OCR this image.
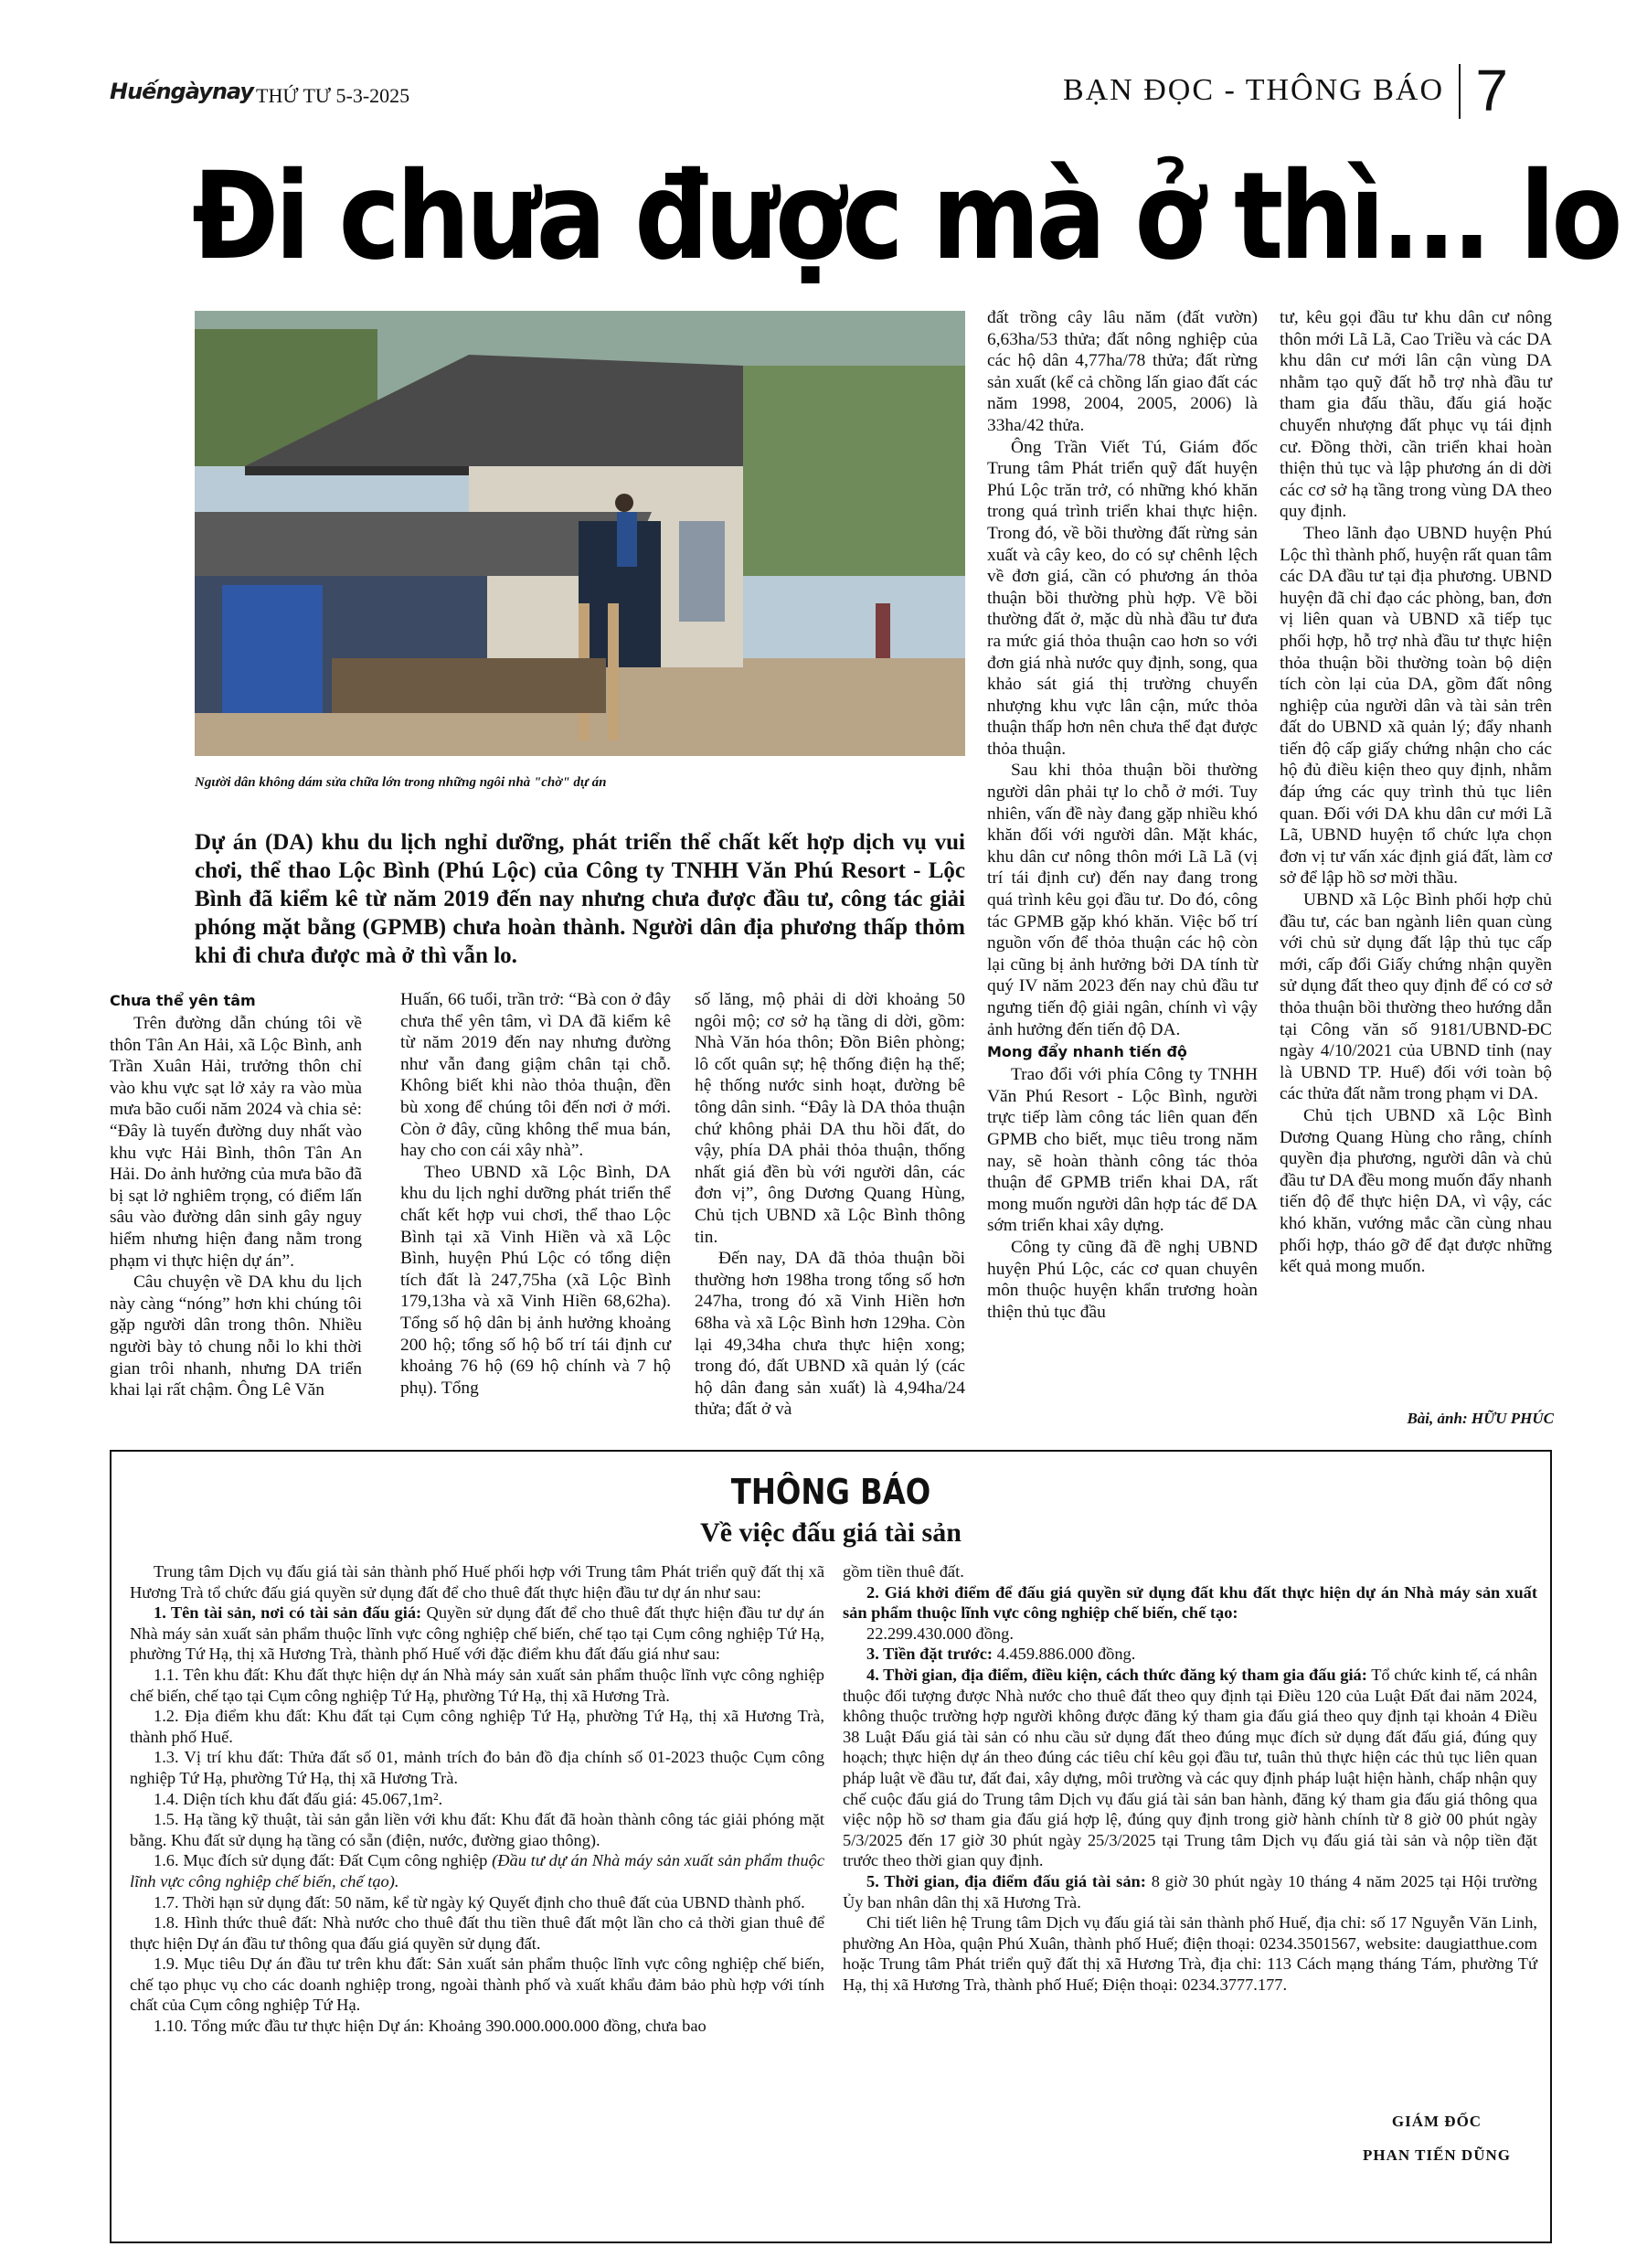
Huếngàynay THỨ TƯ 5-3-2025	BẠN ĐỌC - THÔNG BÁO 7
Đi chưa được mà ở thì... lo
Người dân không dám sửa chữa lớn trong những ngôi nhà "chờ" dự án
Dự án (DA) khu du lịch nghỉ dưỡng, phát triển thể chất kết hợp dịch vụ vui chơi, thể thao Lộc Bình (Phú Lộc) của Công ty TNHH Văn Phú Resort - Lộc Bình đã kiểm kê từ năm 2019 đến nay nhưng chưa được đầu tư, công tác giải phóng mặt bằng (GPMB) chưa hoàn thành. Người dân địa phương thấp thỏm khi đi chưa được mà ở thì vẫn lo.

Chưa thể yên tâm

Trên đường dẫn chúng tôi về thôn Tân An Hải, xã Lộc Bình, anh Trần Xuân Hải, trưởng thôn chỉ vào khu vực sạt lở xảy ra vào mùa mưa bão cuối năm 2024 và chia sẻ: “Đây là tuyến đường duy nhất vào khu vực Hải Bình, thôn Tân An Hải. Do ảnh hưởng của mưa bão đã bị sạt lở nghiêm trọng, có điểm lấn sâu vào đường dân sinh gây nguy hiểm nhưng hiện đang nằm trong phạm vi thực hiện dự án”.

Câu chuyện về DA khu du lịch này càng “nóng” hơn khi chúng tôi gặp người dân trong thôn. Nhiều người bày tỏ chung nỗi lo khi thời gian trôi nhanh, nhưng DA triển khai lại rất chậm. Ông Lê Văn

Huấn, 66 tuổi, trần trở: “Bà con ở đây chưa thể yên tâm, vì DA đã kiểm kê từ năm 2019 đến nay nhưng đường như vẫn đang giậm chân tại chỗ. Không biết khi nào thỏa thuận, đền bù xong để chúng tôi đến nơi ở mới. Còn ở đây, cũng không thể mua bán, hay cho con cái xây nhà”.

Theo UBND xã Lộc Bình, DA khu du lịch nghỉ dưỡng phát triển thể chất kết hợp vui chơi, thể thao Lộc Bình tại xã Vinh Hiền và xã Lộc Bình, huyện Phú Lộc có tổng diện tích đất là 247,75ha (xã Lộc Bình 179,13ha và xã Vinh Hiền 68,62ha). Tổng số hộ dân bị ảnh hưởng khoảng 200 hộ; tổng số hộ bố trí tái định cư khoảng 76 hộ (69 hộ chính và 7 hộ phụ). Tổng

số lăng, mộ phải di dời khoảng 50 ngôi mộ; cơ sở hạ tầng di dời, gồm: Nhà Văn hóa thôn; Đồn Biên phòng; lô cốt quân sự; hệ thống điện hạ thế; hệ thống nước sinh hoạt, đường bê tông dân sinh. “Đây là DA thỏa thuận chứ không phải DA thu hồi đất, do vậy, phía DA phải thỏa thuận, thống nhất giá đền bù với người dân, các đơn vị”, ông Dương Quang Hùng, Chủ tịch UBND xã Lộc Bình thông tin.

Đến nay, DA đã thỏa thuận bồi thường hơn 198ha trong tổng số hơn 247ha, trong đó xã Vinh Hiền hơn 68ha và xã Lộc Bình hơn 129ha. Còn lại 49,34ha chưa thực hiện xong; trong đó, đất UBND xã quản lý (các hộ dân đang sản xuất) là 4,94ha/24 thửa; đất ở và

đất trồng cây lâu năm (đất vườn) 6,63ha/53 thửa; đất nông nghiệp của các hộ dân 4,77ha/78 thửa; đất rừng sản xuất (kể cả chồng lấn giao đất các năm 1998, 2004, 2005, 2006) là 33ha/42 thửa.

Ông Trần Viết Tú, Giám đốc Trung tâm Phát triển quỹ đất huyện Phú Lộc trăn trở, có những khó khăn trong quá trình triển khai thực hiện. Trong đó, về bồi thường đất rừng sản xuất và cây keo, do có sự chênh lệch về đơn giá, cần có phương án thỏa thuận bồi thường phù hợp. Về bồi thường đất ở, mặc dù nhà đầu tư đưa ra mức giá thỏa thuận cao hơn so với đơn giá nhà nước quy định, song, qua khảo sát giá thị trường chuyển nhượng khu vực lân cận, mức thỏa thuận thấp hơn nên chưa thể đạt được thỏa thuận.

Sau khi thỏa thuận bồi thường người dân phải tự lo chỗ ở mới. Tuy nhiên, vấn đề này đang gặp nhiều khó khăn đối với người dân. Mặt khác, khu dân cư nông thôn mới Lã Lã (vị trí tái định cư) đến nay đang trong quá trình kêu gọi đầu tư. Do đó, công tác GPMB gặp khó khăn. Việc bố trí nguồn vốn để thỏa thuận các hộ còn lại cũng bị ảnh hưởng bởi DA tính từ quý IV năm 2023 đến nay chủ đầu tư ngưng tiến độ giải ngân, chính vì vậy ảnh hưởng đến tiến độ DA.

Mong đẩy nhanh tiến độ

Trao đổi với phía Công ty TNHH Văn Phú Resort - Lộc Bình, người trực tiếp làm công tác liên quan đến GPMB cho biết, mục tiêu trong năm nay, sẽ hoàn thành công tác thỏa thuận để GPMB triển khai DA, rất mong muốn người dân hợp tác để DA sớm triển khai xây dựng.

Công ty cũng đã đề nghị UBND huyện Phú Lộc, các cơ quan chuyên môn thuộc huyện khẩn trương hoàn thiện thủ tục đầu

tư, kêu gọi đầu tư khu dân cư nông thôn mới Lã Lã, Cao Triều và các DA khu dân cư mới lân cận vùng DA nhằm tạo quỹ đất hỗ trợ nhà đầu tư tham gia đấu thầu, đấu giá hoặc chuyển nhượng đất phục vụ tái định cư. Đồng thời, cần triển khai hoàn thiện thủ tục và lập phương án di dời các cơ sở hạ tầng trong vùng DA theo quy định.

Theo lãnh đạo UBND huyện Phú Lộc thì thành phố, huyện rất quan tâm các DA đầu tư tại địa phương. UBND huyện đã chỉ đạo các phòng, ban, đơn vị liên quan và UBND xã tiếp tục phối hợp, hỗ trợ nhà đầu tư thực hiện thỏa thuận bồi thường toàn bộ diện tích còn lại của DA, gồm đất nông nghiệp của người dân và tài sản trên đất do UBND xã quản lý; đẩy nhanh tiến độ cấp giấy chứng nhận cho các hộ đủ điều kiện theo quy định, nhằm đáp ứng các quy trình thủ tục liên quan. Đối với DA khu dân cư mới Lã Lã, UBND huyện tổ chức lựa chọn đơn vị tư vấn xác định giá đất, làm cơ sở để lập hồ sơ mời thầu.

UBND xã Lộc Bình phối hợp chủ đầu tư, các ban ngành liên quan cùng với chủ sử dụng đất lập thủ tục cấp mới, cấp đổi Giấy chứng nhận quyền sử dụng đất theo quy định để có cơ sở thỏa thuận bồi thường theo hướng dẫn tại Công văn số 9181/UBND-ĐC ngày 4/10/2021 của UBND tỉnh (nay là UBND TP. Huế) đối với toàn bộ các thửa đất nằm trong phạm vi DA.

Chủ tịch UBND xã Lộc Bình Dương Quang Hùng cho rằng, chính quyền địa phương, người dân và chủ đầu tư DA đều mong muốn đẩy nhanh tiến độ để thực hiện DA, vì vậy, các khó khăn, vướng mắc cần cùng nhau phối hợp, tháo gỡ để đạt được những kết quả mong muốn.

Bài, ảnh: HỮU PHÚC
THÔNG BÁO
Về việc đấu giá tài sản

Trung tâm Dịch vụ đấu giá tài sản thành phố Huế phối hợp với Trung tâm Phát triển quỹ đất thị xã Hương Trà tổ chức đấu giá quyền sử dụng đất để cho thuê đất thực hiện đầu tư dự án như sau:

1. Tên tài sản, nơi có tài sản đấu giá: Quyền sử dụng đất để cho thuê đất thực hiện đầu tư dự án Nhà máy sản xuất sản phẩm thuộc lĩnh vực công nghiệp chế biến, chế tạo tại Cụm công nghiệp Tứ Hạ, phường Tứ Hạ, thị xã Hương Trà, thành phố Huế với đặc điểm khu đất đấu giá như sau:

1.1. Tên khu đất: Khu đất thực hiện dự án Nhà máy sản xuất sản phẩm thuộc lĩnh vực công nghiệp chế biến, chế tạo tại Cụm công nghiệp Tứ Hạ, phường Tứ Hạ, thị xã Hương Trà.

1.2. Địa điểm khu đất: Khu đất tại Cụm công nghiệp Tứ Hạ, phường Tứ Hạ, thị xã Hương Trà, thành phố Huế.

1.3. Vị trí khu đất: Thửa đất số 01, mảnh trích đo bản đồ địa chính số 01-2023 thuộc Cụm công nghiệp Tứ Hạ, phường Tứ Hạ, thị xã Hương Trà.

1.4. Diện tích khu đất đấu giá: 45.067,1m².

1.5. Hạ tầng kỹ thuật, tài sản gắn liền với khu đất: Khu đất đã hoàn thành công tác giải phóng mặt bằng. Khu đất sử dụng hạ tầng có sẵn (điện, nước, đường giao thông).

1.6. Mục đích sử dụng đất: Đất Cụm công nghiệp (Đầu tư dự án Nhà máy sản xuất sản phẩm thuộc lĩnh vực công nghiệp chế biến, chế tạo).

1.7. Thời hạn sử dụng đất: 50 năm, kể từ ngày ký Quyết định cho thuê đất của UBND thành phố.

1.8. Hình thức thuê đất: Nhà nước cho thuê đất thu tiền thuê đất một lần cho cả thời gian thuê để thực hiện Dự án đầu tư thông qua đấu giá quyền sử dụng đất.

1.9. Mục tiêu Dự án đầu tư trên khu đất: Sản xuất sản phẩm thuộc lĩnh vực công nghiệp chế biến, chế tạo phục vụ cho các doanh nghiệp trong, ngoài thành phố và xuất khẩu đảm bảo phù hợp với tính chất của Cụm công nghiệp Tứ Hạ.

1.10. Tổng mức đầu tư thực hiện Dự án: Khoảng 390.000.000.000 đồng, chưa bao

gồm tiền thuê đất.

2. Giá khởi điểm để đấu giá quyền sử dụng đất khu đất thực hiện dự án Nhà máy sản xuất sản phẩm thuộc lĩnh vực công nghiệp chế biến, chế tạo:

22.299.430.000 đồng.

3. Tiền đặt trước: 4.459.886.000 đồng.

4. Thời gian, địa điểm, điều kiện, cách thức đăng ký tham gia đấu giá: Tổ chức kinh tế, cá nhân thuộc đối tượng được Nhà nước cho thuê đất theo quy định tại Điều 120 của Luật Đất đai năm 2024, không thuộc trường hợp người không được đăng ký tham gia đấu giá theo quy định tại khoản 4 Điều 38 Luật Đấu giá tài sản có nhu cầu sử dụng đất theo đúng mục đích sử dụng đất đấu giá, đúng quy hoạch; thực hiện dự án theo đúng các tiêu chí kêu gọi đầu tư, tuân thủ thực hiện các thủ tục liên quan pháp luật về đầu tư, đất đai, xây dựng, môi trường và các quy định pháp luật hiện hành, chấp nhận quy chế cuộc đấu giá do Trung tâm Dịch vụ đấu giá tài sản ban hành, đăng ký tham gia đấu giá thông qua việc nộp hồ sơ tham gia đấu giá hợp lệ, đúng quy định trong giờ hành chính từ 8 giờ 00 phút ngày 5/3/2025 đến 17 giờ 30 phút ngày 25/3/2025 tại Trung tâm Dịch vụ đấu giá tài sản và nộp tiền đặt trước theo thời gian quy định.

5. Thời gian, địa điểm đấu giá tài sản: 8 giờ 30 phút ngày 10 tháng 4 năm 2025 tại Hội trường Ủy ban nhân dân thị xã Hương Trà.

Chi tiết liên hệ Trung tâm Dịch vụ đấu giá tài sản thành phố Huế, địa chỉ: số 17 Nguyễn Văn Linh, phường An Hòa, quận Phú Xuân, thành phố Huế; điện thoại: 0234.3501567, website: daugiatthue.com hoặc Trung tâm Phát triển quỹ đất thị xã Hương Trà, địa chỉ: 113 Cách mạng tháng Tám, phường Tứ Hạ, thị xã Hương Trà, thành phố Huế; Điện thoại: 0234.3777.177.

GIÁM ĐỐC
PHAN TIẾN DŨNG
